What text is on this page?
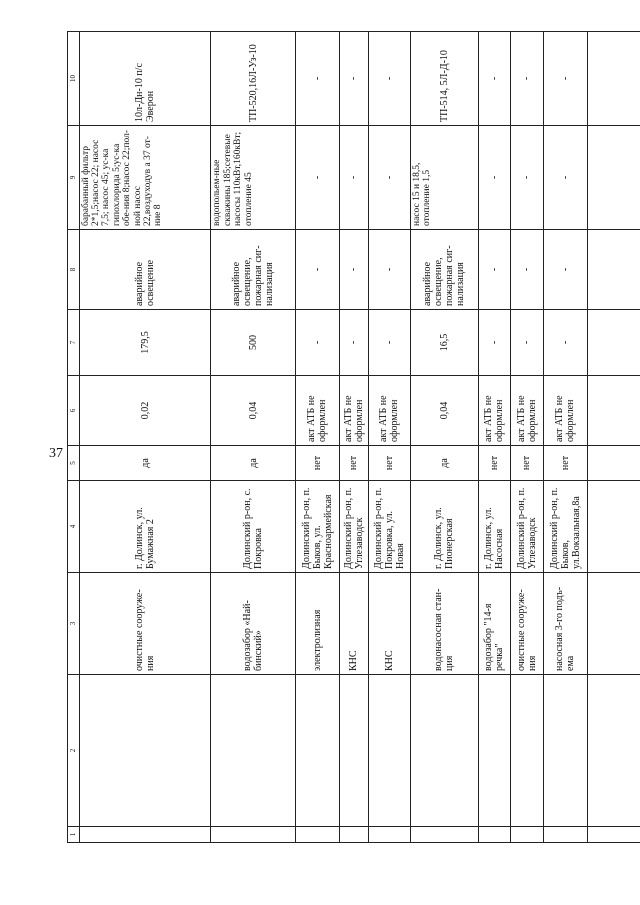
37
1	2	3	4	5	6	7	8	9	10
		очистные сооруже-ния	г. Долинск, ул. Бумажная 2	да	0,02	179,5	аварийное освещение	барабанный фильтр 2*1,5;насос 22; насос 7,5; насос 45; ус-ка гипохлорида 5;ус-ка обе-ния 8;насос 22;пол-ной насос 22,воздуходув а 37 от-ние 8	10л-Дн-10 п/с Эверон
		водозабор «Най-бинский»	Долинский р-он, с. Покровка	да	0,04	500	аварийное освещение, пожарная сиг-нализация	водопольем-ные скважины 185;сетевые насосы 110кВт,160кВт; отопление 45	ТП-520,16Л-Уз-10
		электролизная	Долинский р-он, п. Быков, ул. Красноармейская	нет	акт АТБ не оформлен	-	-	-	-
		КНС	Долинский р-он, п. Углезаводск	нет	акт АТБ не оформлен	-	-	-	-
		КНС	Долинский р-он, п. Покровка, ул. Новая	нет	акт АТБ не оформлен	-	-	-	-
		водонасосная стан-ция	г. Долинск, ул. Пионерская	да	0,04	16,5	аварийное освещение, пожарная сиг-нализация	насос 15 и 18,5, отопление 1,5	ТП-514, 5Л-Д-10
		водозабор "14-я речка"	г. Долинск, ул. Насосная	нет	акт АТБ не оформлен	-	-	-	-
		очистные сооруже-ния	Долинский р-он, п. Углезаводск	нет	акт АТБ не оформлен	-	-	-	-
		насосная 3-го подъ-ема	Долинский р-он, п. Быков, ул.Вокзальная,8а	нет	акт АТБ не оформлен	-	-	-	-
